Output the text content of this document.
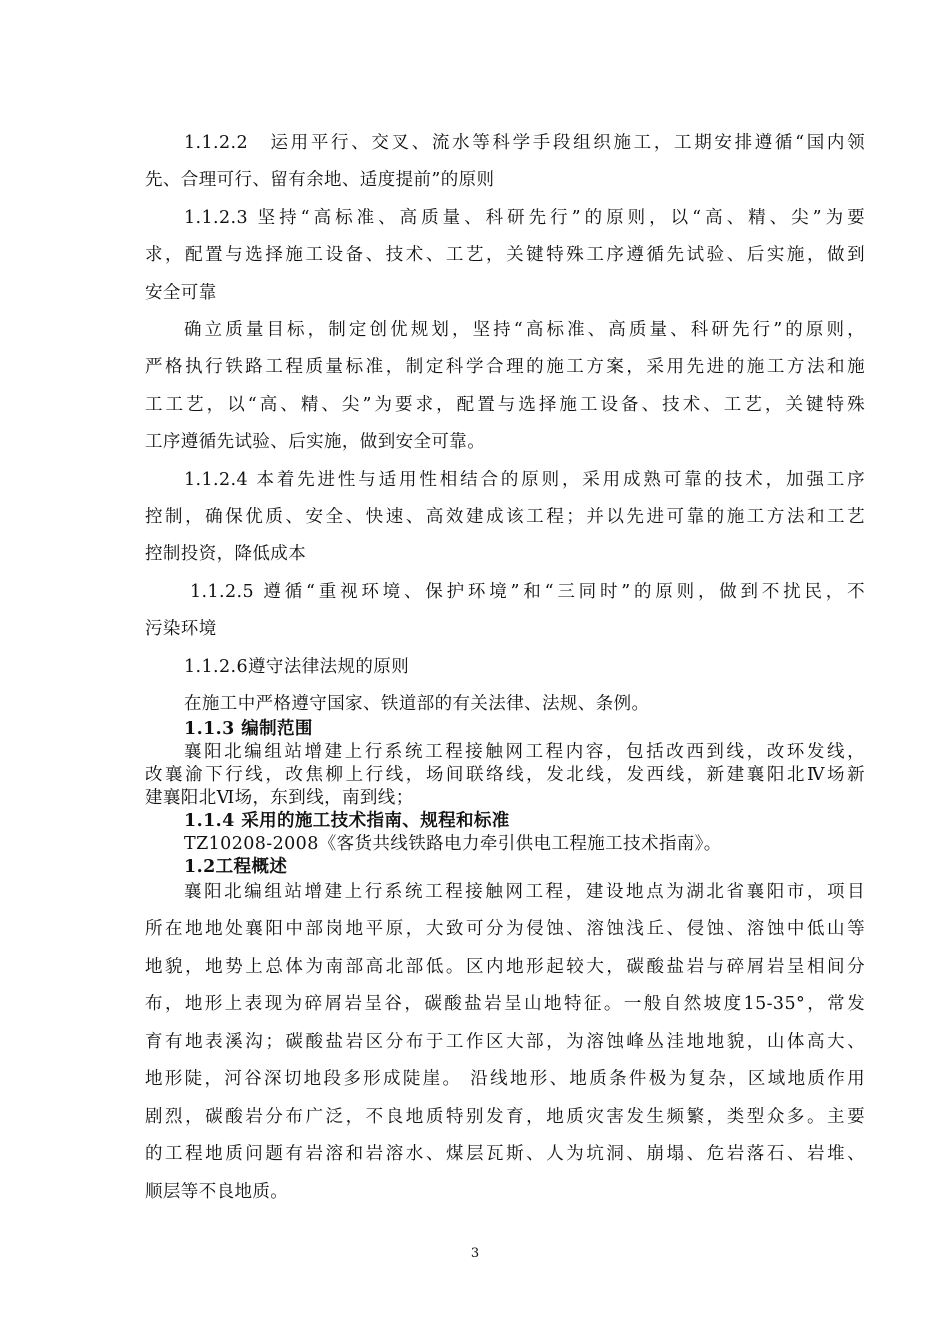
1.1.2.2　运用平行、交叉、流水等科学手段组织施工，工期安排遵循“国内领
先、合理可行、留有余地、适度提前”的原则
1.1.2.3 坚持“高标准、高质量、科研先行”的原则，以“高、精、尖”为要
求，配置与选择施工设备、技术、工艺，关键特殊工序遵循先试验、后实施，做到
安全可靠
确立质量目标，制定创优规划，坚持“高标准、高质量、科研先行”的原则，
严格执行铁路工程质量标准，制定科学合理的施工方案，采用先进的施工方法和施
工工艺，以“高、精、尖”为要求，配置与选择施工设备、技术、工艺，关键特殊
工序遵循先试验、后实施，做到安全可靠。
1.1.2.4 本着先进性与适用性相结合的原则，采用成熟可靠的技术，加强工序
控制，确保优质、安全、快速、高效建成该工程；并以先进可靠的施工方法和工艺
控制投资，降低成本
1.1.2.5 遵循“重视环境、保护环境”和“三同时”的原则，做到不扰民，不
污染环境
1.1.2.6遵守法律法规的原则
在施工中严格遵守国家、铁道部的有关法律、法规、条例。
1.1.3 编制范围
襄阳北编组站增建上行系统工程接触网工程内容，包括改西到线，改环发线，
改襄渝下行线，改焦柳上行线，场间联络线，发北线，发西线，新建襄阳北Ⅳ场新
建襄阳北Ⅵ场，东到线，南到线；
1.1.4 采用的施工技术指南、规程和标准
TZ10208-2008《客货共线铁路电力牵引供电工程施工技术指南》。
1.2工程概述
襄阳北编组站增建上行系统工程接触网工程，建设地点为湖北省襄阳市，项目
所在地地处襄阳中部岗地平原，大致可分为侵蚀、溶蚀浅丘、侵蚀、溶蚀中低山等
地貌，地势上总体为南部高北部低。区内地形起较大，碳酸盐岩与碎屑岩呈相间分
布，地形上表现为碎屑岩呈谷，碳酸盐岩呈山地特征。一般自然坡度15-35°，常发
育有地表溪沟；碳酸盐岩区分布于工作区大部，为溶蚀峰丛洼地地貌，山体高大、
地形陡，河谷深切地段多形成陡崖。 沿线地形、地质条件极为复杂，区域地质作用
剧烈，碳酸岩分布广泛，不良地质特别发育，地质灾害发生频繁，类型众多。主要
的工程地质问题有岩溶和岩溶水、煤层瓦斯、人为坑洞、崩塌、危岩落石、岩堆、
顺层等不良地质。
3
